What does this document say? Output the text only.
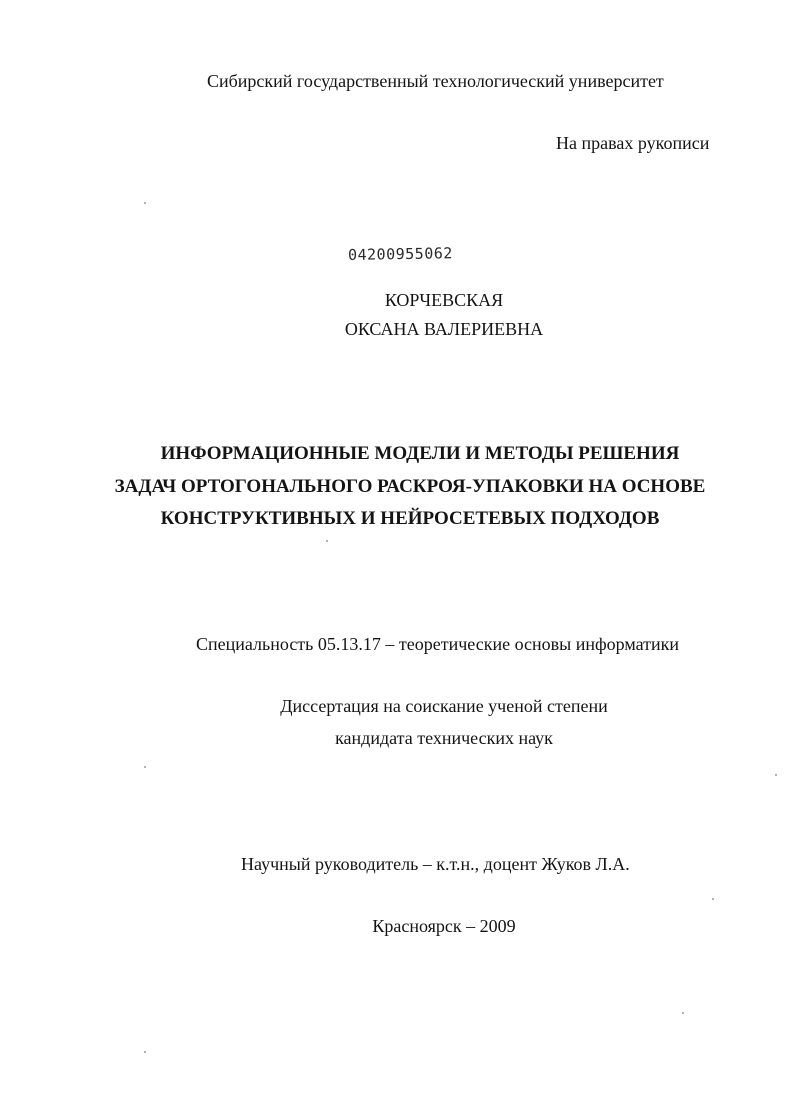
Сибирский государственный технологический университет
На правах рукописи
04200955062
КОРЧЕВСКАЯ
ОКСАНА ВАЛЕРИЕВНА
ИНФОРМАЦИОННЫЕ МОДЕЛИ И МЕТОДЫ РЕШЕНИЯ
ЗАДАЧ ОРТОГОНАЛЬНОГО РАСКРОЯ-УПАКОВКИ НА ОСНОВЕ
КОНСТРУКТИВНЫХ И НЕЙРОСЕТЕВЫХ ПОДХОДОВ
Специальность 05.13.17 – теоретические основы информатики
Диссертация на соискание ученой степени
кандидата технических наук
Научный руководитель – к.т.н., доцент Жуков Л.А.
Красноярск – 2009
